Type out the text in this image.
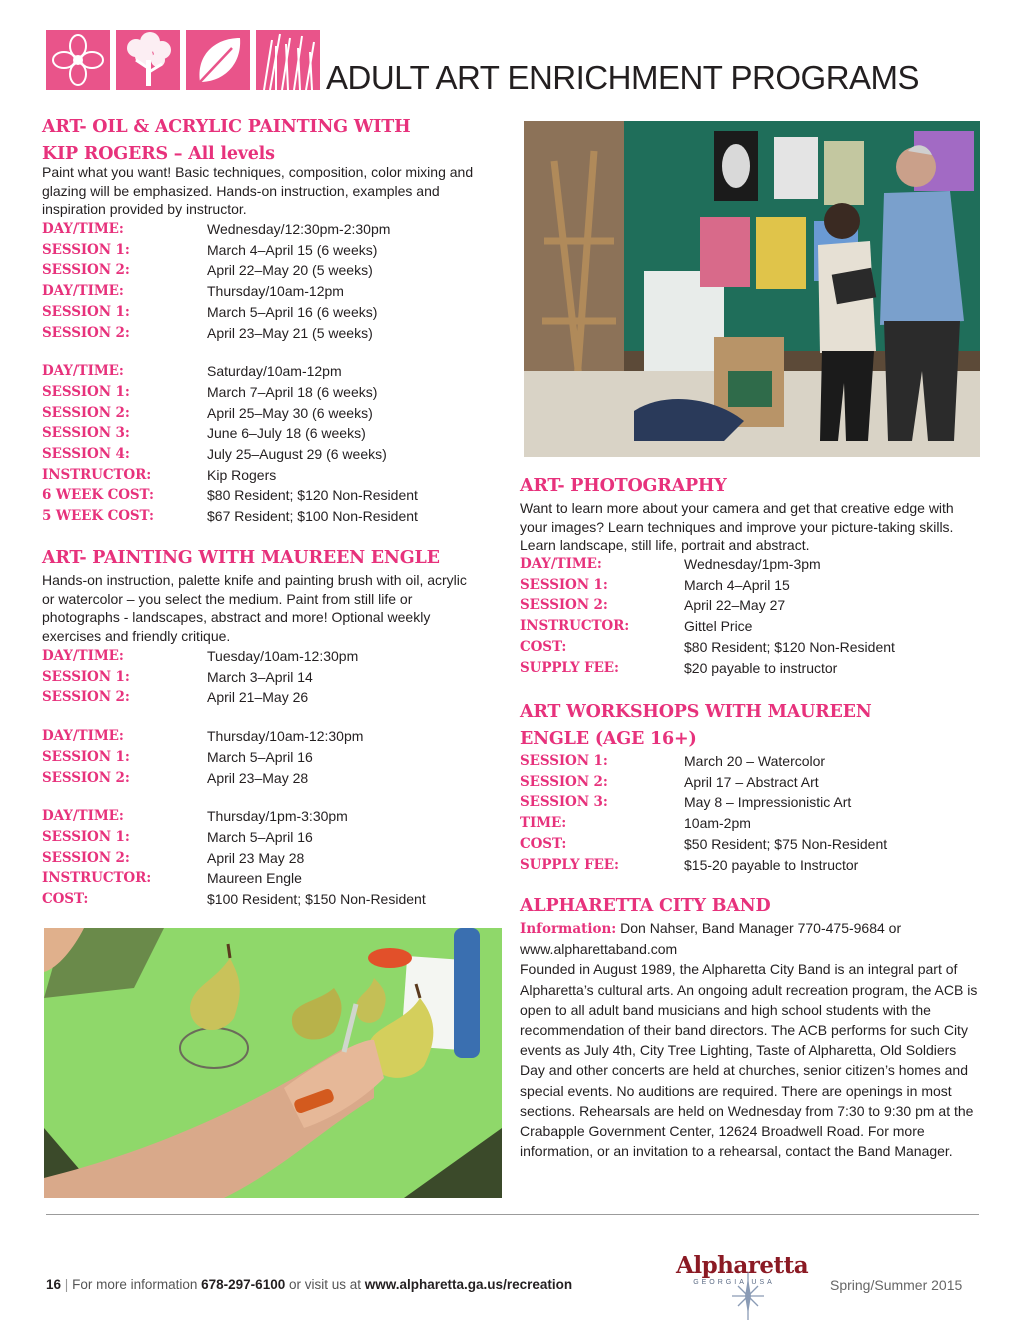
ADULT ART ENRICHMENT PROGRAMS
ART- OIL & ACRYLIC PAINTING WITH
KIP ROGERS – All levels
Paint what you want! Basic techniques, composition, color mixing and glazing will be emphasized. Hands-on instruction, examples and inspiration provided by instructor.
DAY/TIME:	Wednesday/12:30pm-2:30pm
SESSION 1:	March 4–April 15 (6 weeks)
SESSION 2:	April 22–May 20 (5 weeks)
DAY/TIME:	Thursday/10am-12pm
SESSION 1:	March 5–April 16 (6 weeks)
SESSION 2:	April 23–May 21 (5 weeks)
DAY/TIME:	Saturday/10am-12pm
SESSION 1:	March 7–April 18 (6 weeks)
SESSION 2:	April 25–May 30 (6 weeks)
SESSION 3:	June 6–July 18 (6 weeks)
SESSION 4:	July 25–August 29 (6 weeks)
INSTRUCTOR:	Kip Rogers
6 WEEK COST:	$80 Resident; $120 Non-Resident
5 WEEK COST:	$67 Resident; $100 Non-Resident
ART- PAINTING WITH MAUREEN ENGLE
Hands-on instruction, palette knife and painting brush with oil, acrylic or watercolor – you select the medium. Paint from still life or photographs - landscapes, abstract and more! Optional weekly exercises and friendly critique.
DAY/TIME:	Tuesday/10am-12:30pm
SESSION 1:	March 3–April 14
SESSION 2:	April 21–May 26
DAY/TIME:	Thursday/10am-12:30pm
SESSION 1:	March 5–April 16
SESSION 2:	April 23–May 28
DAY/TIME:	Thursday/1pm-3:30pm
SESSION 1:	March 5–April 16
SESSION 2:	April 23 May 28
INSTRUCTOR:	Maureen Engle
COST:	$100 Resident; $150 Non-Resident
ART- PHOTOGRAPHY
Want to learn more about your camera and get that creative edge with your images? Learn techniques and improve your picture-taking skills. Learn landscape, still life, portrait and abstract.
DAY/TIME:	Wednesday/1pm-3pm
SESSION 1:	March 4–April 15
SESSION 2:	April 22–May 27
INSTRUCTOR:	Gittel Price
COST:	$80 Resident; $120 Non-Resident
SUPPLY FEE:	$20 payable to instructor
ART WORKSHOPS WITH MAUREEN
ENGLE (AGE 16+)
SESSION 1:	March 20 – Watercolor
SESSION 2:	April 17 – Abstract Art
SESSION 3:	May 8 – Impressionistic Art
TIME:	10am-2pm
COST:	$50 Resident; $75 Non-Resident
SUPPLY FEE:	$15-20 payable to Instructor
ALPHARETTA CITY BAND
Information: Don Nahser, Band Manager 770-475-9684 or
www.alpharettaband.com
Founded in August 1989, the Alpharetta City Band is an integral part of Alpharetta’s cultural arts. An ongoing adult recreation program, the ACB is open to all adult band musicians and high school students with the recommendation of their band directors. The ACB performs for such City events as July 4th, City Tree Lighting, Taste of Alpharetta, Old Soldiers Day and other concerts are held at churches, senior citizen’s homes and special events. No auditions are required. There are openings in most sections. Rehearsals are held on Wednesday from 7:30 to 9:30 pm at the Crabapple Government Center, 12624 Broadwell Road. For more information, or an invitation to a rehearsal, contact the Band Manager.
16 | For more information 678-297-6100 or visit us at www.alpharetta.ga.us/recreation
Alpharetta
GEORGIA USA	Spring/Summer 2015
